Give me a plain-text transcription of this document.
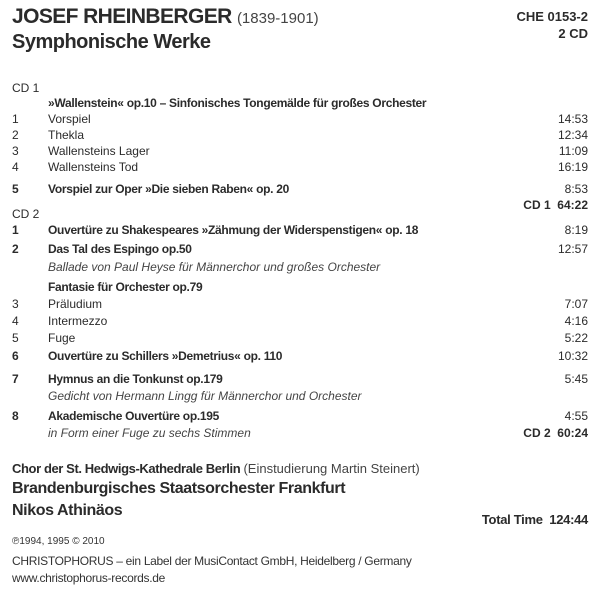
JOSEF RHEINBERGER (1839-1901)
Symphonische Werke
CHE 0153-2
2 CD
CD 1
»Wallenstein« op.10 – Sinfonisches Tongemälde für großes Orchester
1 Vorspiel	14:53
2 Thekla	12:34
3 Wallensteins Lager	11:09
4 Wallensteins Tod	16:19
5 Vorspiel zur Oper »Die sieben Raben« op. 20	8:53
CD 1  64:22
CD 2
1 Ouvertüre zu Shakespeares »Zähmung der Widerspenstigen« op. 18	8:19
2 Das Tal des Espingo op.50	12:57
Ballade von Paul Heyse für Männerchor und großes Orchester
Fantasie für Orchester op.79
3 Präludium	7:07
4 Intermezzo	4:16
5 Fuge	5:22
6 Ouvertüre zu Schillers »Demetrius« op. 110	10:32
7 Hymnus an die Tonkunst op.179	5:45
Gedicht von Hermann Lingg für Männerchor und Orchester
8 Akademische Ouvertüre op.195	4:55
in Form einer Fuge zu sechs Stimmen	CD 2  60:24
Chor der St. Hedwigs-Kathedrale Berlin (Einstudierung Martin Steinert)
Brandenburgisches Staatsorchester Frankfurt
Nikos Athinäos
Total Time  124:44
℗1994, 1995 © 2010
CHRISTOPHORUS – ein Label der MusiContact GmbH, Heidelberg / Germany
www.christophorus-records.de
